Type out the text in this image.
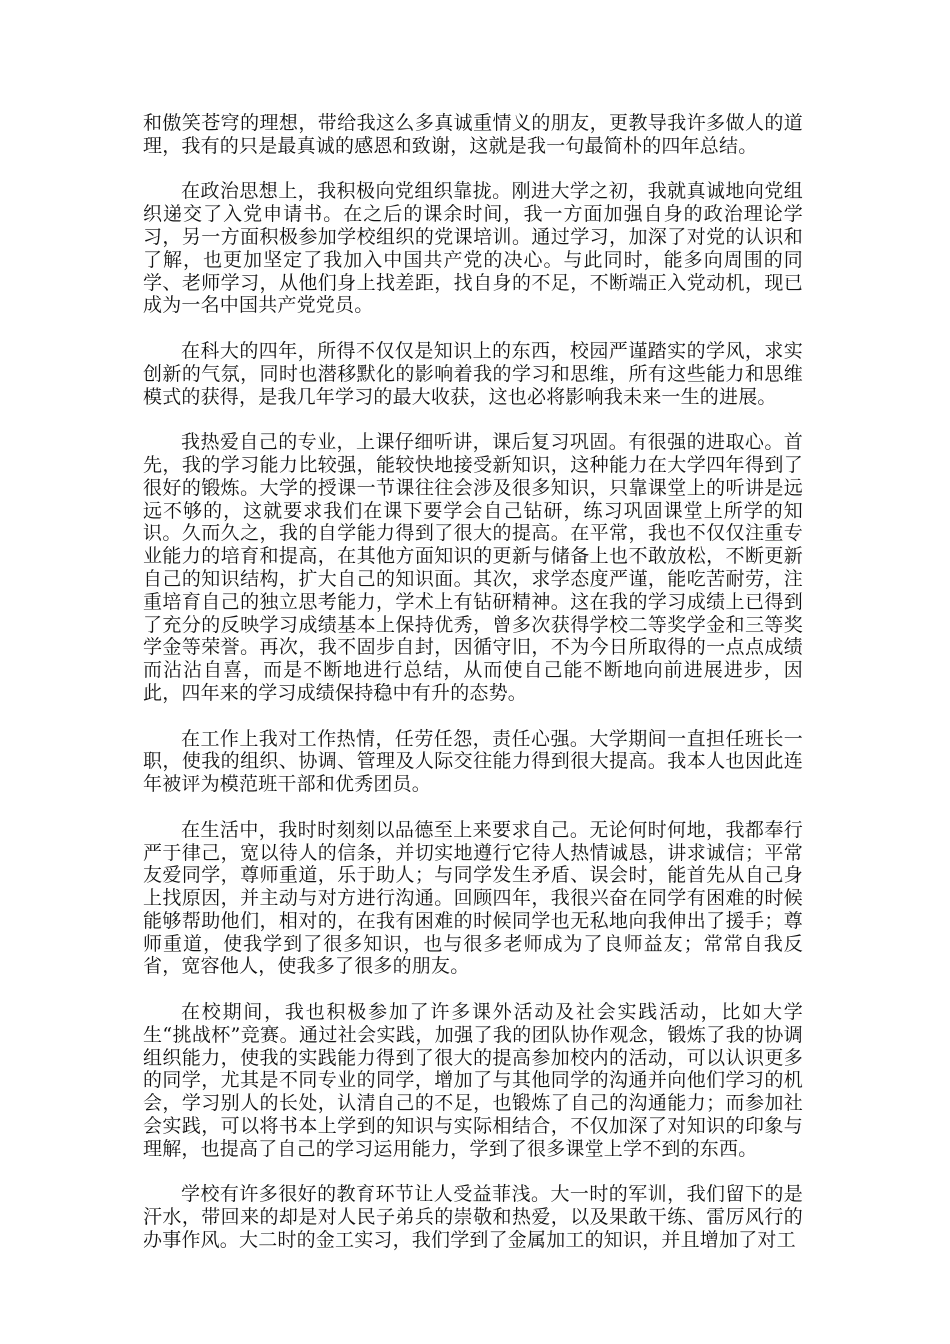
和傲笑苍穹的理想，带给我这么多真诚重情义的朋友，更教导我许多做人的道理，我有的只是最真诚的感恩和致谢，这就是我一句最简朴的四年总结。

在政治思想上，我积极向党组织靠拢。刚进大学之初，我就真诚地向党组织递交了入党申请书。在之后的课余时间，我一方面加强自身的政治理论学习，另一方面积极参加学校组织的党课培训。通过学习，加深了对党的认识和了解，也更加坚定了我加入中国共产党的决心。与此同时，能多向周围的同学、老师学习，从他们身上找差距，找自身的不足，不断端正入党动机，现已成为一名中国共产党党员。

在科大的四年，所得不仅仅是知识上的东西，校园严谨踏实的学风，求实创新的气氛，同时也潜移默化的影响着我的学习和思维，所有这些能力和思维模式的获得，是我几年学习的最大收获，这也必将影响我未来一生的进展。

我热爱自己的专业，上课仔细听讲，课后复习巩固。有很强的进取心。首先，我的学习能力比较强，能较快地接受新知识，这种能力在大学四年得到了很好的锻炼。大学的授课一节课往往会涉及很多知识，只靠课堂上的听讲是远远不够的，这就要求我们在课下要学会自己钻研，练习巩固课堂上所学的知识。久而久之，我的自学能力得到了很大的提高。在平常，我也不仅仅注重专业能力的培育和提高，在其他方面知识的更新与储备上也不敢放松，不断更新自己的知识结构，扩大自己的知识面。其次，求学态度严谨，能吃苦耐劳，注重培育自己的独立思考能力，学术上有钻研精神。这在我的学习成绩上已得到了充分的反映学习成绩基本上保持优秀，曾多次获得学校二等奖学金和三等奖学金等荣誉。再次，我不固步自封，因循守旧，不为今日所取得的一点点成绩而沾沾自喜，而是不断地进行总结，从而使自己能不断地向前进展进步，因此，四年来的学习成绩保持稳中有升的态势。

在工作上我对工作热情，任劳任怨，责任心强。大学期间一直担任班长一职，使我的组织、协调、管理及人际交往能力得到很大提高。我本人也因此连年被评为模范班干部和优秀团员。

在生活中，我时时刻刻以品德至上来要求自己。无论何时何地，我都奉行严于律己，宽以待人的信条，并切实地遵行它待人热情诚恳，讲求诚信；平常友爱同学，尊师重道，乐于助人；与同学发生矛盾、误会时，能首先从自己身上找原因，并主动与对方进行沟通。回顾四年，我很兴奋在同学有困难的时候能够帮助他们，相对的，在我有困难的时候同学也无私地向我伸出了援手；尊师重道，使我学到了很多知识，也与很多老师成为了良师益友；常常自我反省，宽容他人，使我多了很多的朋友。

在校期间，我也积极参加了许多课外活动及社会实践活动，比如大学生“挑战杯”竞赛。通过社会实践，加强了我的团队协作观念，锻炼了我的协调组织能力，使我的实践能力得到了很大的提高参加校内的活动，可以认识更多的同学，尤其是不同专业的同学，增加了与其他同学的沟通并向他们学习的机会，学习别人的长处，认清自己的不足，也锻炼了自己的沟通能力；而参加社会实践，可以将书本上学到的知识与实际相结合，不仅加深了对知识的印象与理解，也提高了自己的学习运用能力，学到了很多课堂上学不到的东西。

学校有许多很好的教育环节让人受益菲浅。大一时的军训，我们留下的是汗水，带回来的却是对人民子弟兵的崇敬和热爱，以及果敢干练、雷厉风行的办事作风。大二时的金工实习，我们学到了金属加工的知识，并且增加了对工
